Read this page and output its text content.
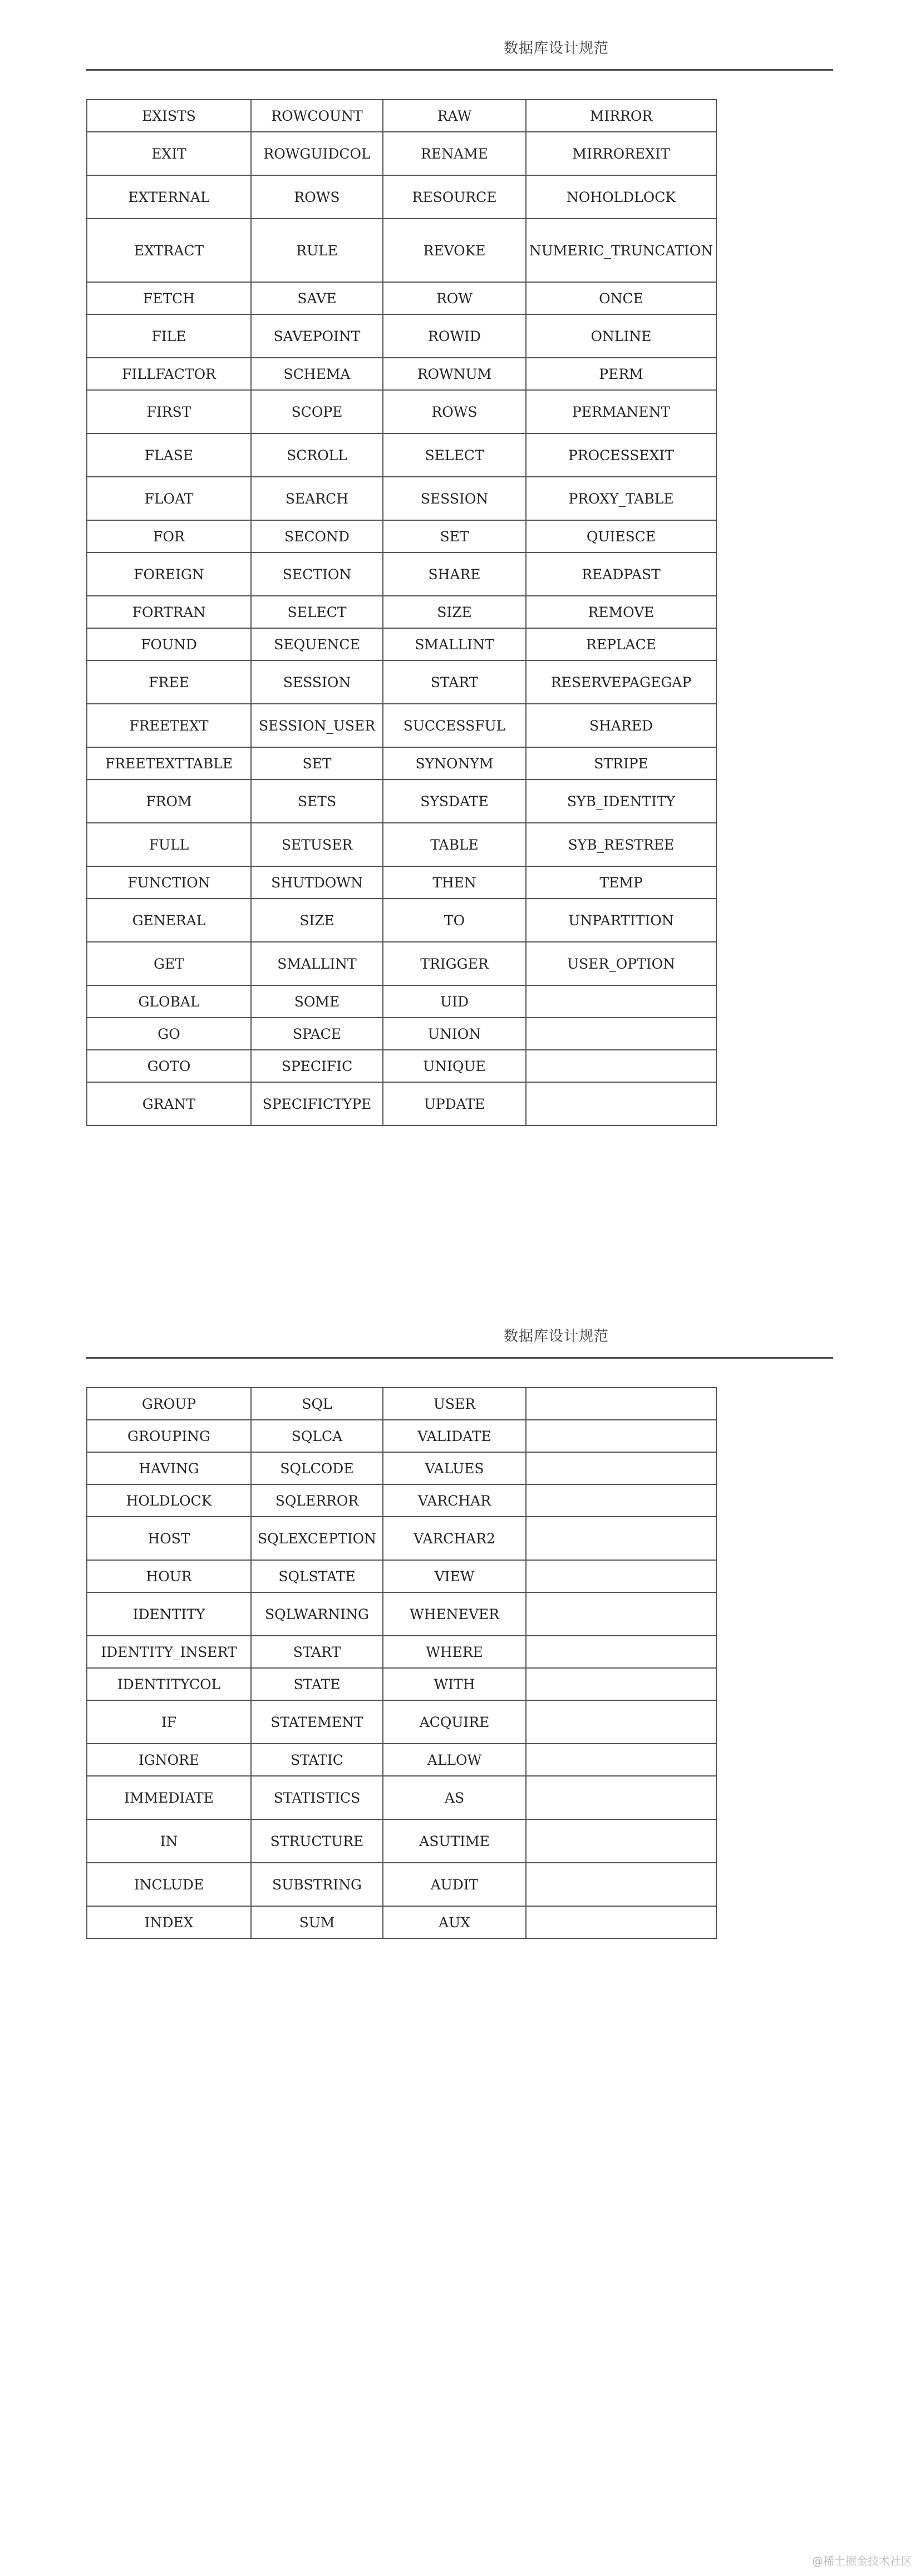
数据库设计规范
EXISTS	ROWCOUNT	RAW	MIRROR
EXIT	ROWGUIDCOL	RENAME	MIRROREXIT
EXTERNAL	ROWS	RESOURCE	NOHOLDLOCK
EXTRACT	RULE	REVOKE	NUMERIC_TRUNCATION
FETCH	SAVE	ROW	ONCE
FILE	SAVEPOINT	ROWID	ONLINE
FILLFACTOR	SCHEMA	ROWNUM	PERM
FIRST	SCOPE	ROWS	PERMANENT
FLASE	SCROLL	SELECT	PROCESSEXIT
FLOAT	SEARCH	SESSION	PROXY_TABLE
FOR	SECOND	SET	QUIESCE
FOREIGN	SECTION	SHARE	READPAST
FORTRAN	SELECT	SIZE	REMOVE
FOUND	SEQUENCE	SMALLINT	REPLACE
FREE	SESSION	START	RESERVEPAGEGAP
FREETEXT	SESSION_USER	SUCCESSFUL	SHARED
FREETEXTTABLE	SET	SYNONYM	STRIPE
FROM	SETS	SYSDATE	SYB_IDENTITY
FULL	SETUSER	TABLE	SYB_RESTREE
FUNCTION	SHUTDOWN	THEN	TEMP
GENERAL	SIZE	TO	UNPARTITION
GET	SMALLINT	TRIGGER	USER_OPTION
GLOBAL	SOME	UID	
GO	SPACE	UNION	
GOTO	SPECIFIC	UNIQUE	
GRANT	SPECIFICTYPE	UPDATE	
数据库设计规范
GROUP	SQL	USER	
GROUPING	SQLCA	VALIDATE	
HAVING	SQLCODE	VALUES	
HOLDLOCK	SQLERROR	VARCHAR	
HOST	SQLEXCEPTION	VARCHAR2	
HOUR	SQLSTATE	VIEW	
IDENTITY	SQLWARNING	WHENEVER	
IDENTITY_INSERT	START	WHERE	
IDENTITYCOL	STATE	WITH	
IF	STATEMENT	ACQUIRE	
IGNORE	STATIC	ALLOW	
IMMEDIATE	STATISTICS	AS	
IN	STRUCTURE	ASUTIME	
INCLUDE	SUBSTRING	AUDIT	
INDEX	SUM	AUX	
@稀土掘金技术社区
